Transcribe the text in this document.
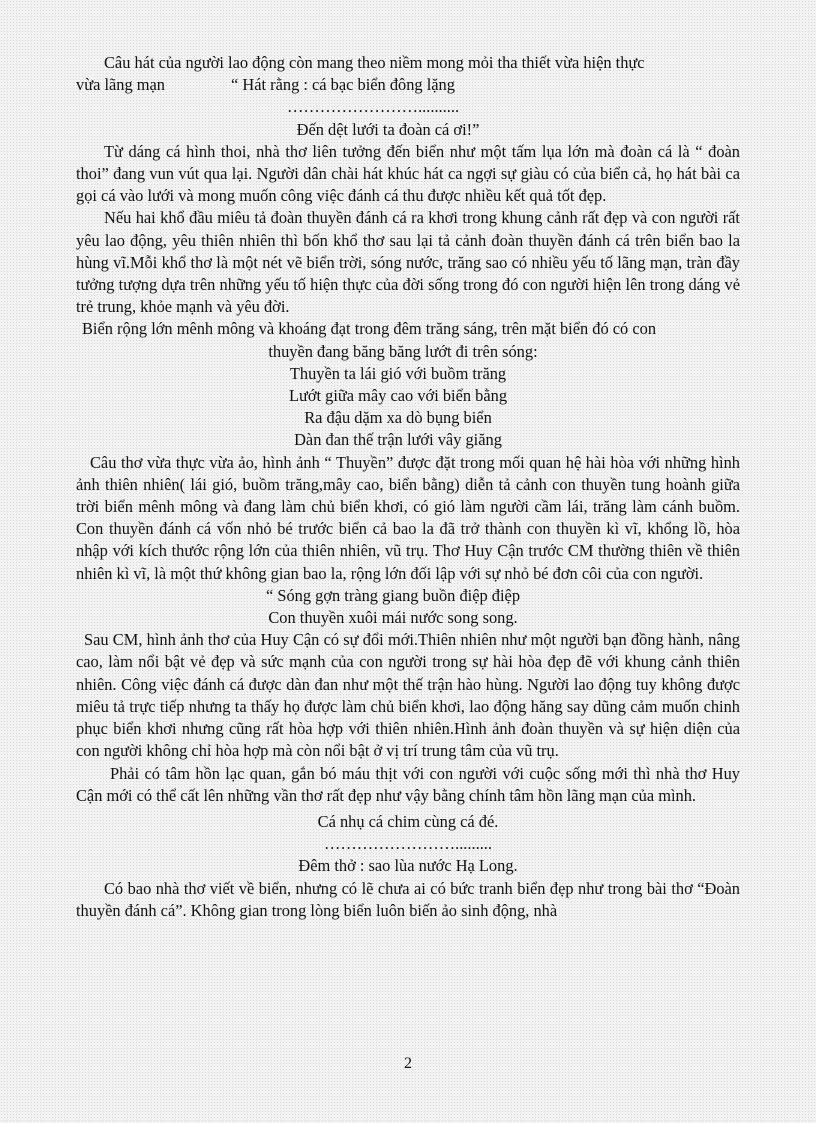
Câu hát của người lao động còn mang theo niềm mong mỏi tha thiết vừa hiện thực

vừa lãng mạn	“ Hát rằng : cá bạc biển đông lặng

……………………..........

Đến dệt lưới ta đoàn cá ơi!”

Từ dáng cá hình thoi, nhà thơ liên tưởng đến biển như một tấm lụa lớn mà đoàn cá là “ đoàn thoi” đang vun vút qua lại. Người dân chài hát khúc hát ca ngợi sự giàu có của biển cả, họ hát bài ca gọi cá vào lưới và mong muốn công việc đánh cá thu được nhiều kết quả tốt đẹp.

Nếu hai khổ đầu miêu tả đoàn thuyền đánh cá ra khơi trong khung cảnh rất đẹp và con người rất yêu lao động, yêu thiên nhiên thì bốn khổ thơ sau lại tả cảnh đoàn thuyền đánh cá trên biển bao la hùng vĩ.Mỗi khổ thơ là một nét vẽ biển trời, sóng nước, trăng sao có nhiều yếu tố lãng mạn, tràn đầy tưởng tượng dựa trên những yếu tố hiện thực của đời sống trong đó con người hiện lên trong dáng vẻ trẻ trung, khỏe mạnh và yêu đời.

Biển rộng lớn mênh mông và khoáng đạt trong đêm trăng sáng, trên mặt biển đó có con

thuyền đang băng băng lướt đi trên sóng:

Thuyền ta lái gió với buồm trăng
Lướt giữa mây cao với biển bằng
Ra đậu dặm xa dò bụng biển
Dàn đan thế trận lưới vây giăng

Câu thơ vừa thực vừa ảo, hình ảnh “ Thuyền” được đặt trong mối quan hệ hài hòa với những hình ảnh thiên nhiên( lái gió, buồm trăng,mây cao, biển bằng) diễn tả cảnh con thuyền tung hoành giữa trời biển mênh mông và đang làm chủ biển khơi, có gió làm người cầm lái, trăng làm cánh buồm. Con thuyền đánh cá vốn nhỏ bé trước biển cả bao la đã trở thành con thuyền kì vĩ, khổng lồ, hòa nhập với kích thước rộng lớn của thiên nhiên, vũ trụ. Thơ Huy Cận trước CM thường thiên về thiên nhiên kì vĩ, là một thứ không gian bao la, rộng lớn đối lập với sự nhỏ bé đơn côi của con người.

“ Sóng gợn tràng giang buồn điệp điệp
Con thuyền xuôi mái nước song song.

Sau CM, hình ảnh thơ của Huy Cận có sự đổi mới.Thiên nhiên như một người bạn đồng hành, nâng cao, làm nổi bật vẻ đẹp và sức mạnh của con người trong sự hài hòa đẹp đẽ với khung cảnh thiên nhiên. Công việc đánh cá được dàn đan như một thế trận hào hùng. Người lao động tuy không được miêu tả trực tiếp nhưng ta thấy họ được làm chủ biển khơi, lao động hăng say dũng cảm muốn chinh phục biển khơi nhưng cũng rất hòa hợp với thiên nhiên.Hình ảnh đoàn thuyền và sự hiện diện của con người không chỉ hòa hợp mà còn nổi bật ở vị trí trung tâm của vũ trụ.

Phải có tâm hồn lạc quan, gắn bó máu thịt với con người với cuộc sống mới thì nhà thơ Huy Cận mới có thể cất lên những vần thơ rất đẹp như vậy bằng chính tâm hồn lãng mạn của mình.

Cá nhụ cá chim cùng cá đé.

…………………….........

Đêm thở : sao lùa nước Hạ Long.

Có bao nhà thơ viết về biển, nhưng có lẽ chưa ai có bức tranh biển đẹp như trong bài thơ “Đoàn thuyền đánh cá”. Không gian trong lòng biển luôn biến ảo sinh động, nhà

2
